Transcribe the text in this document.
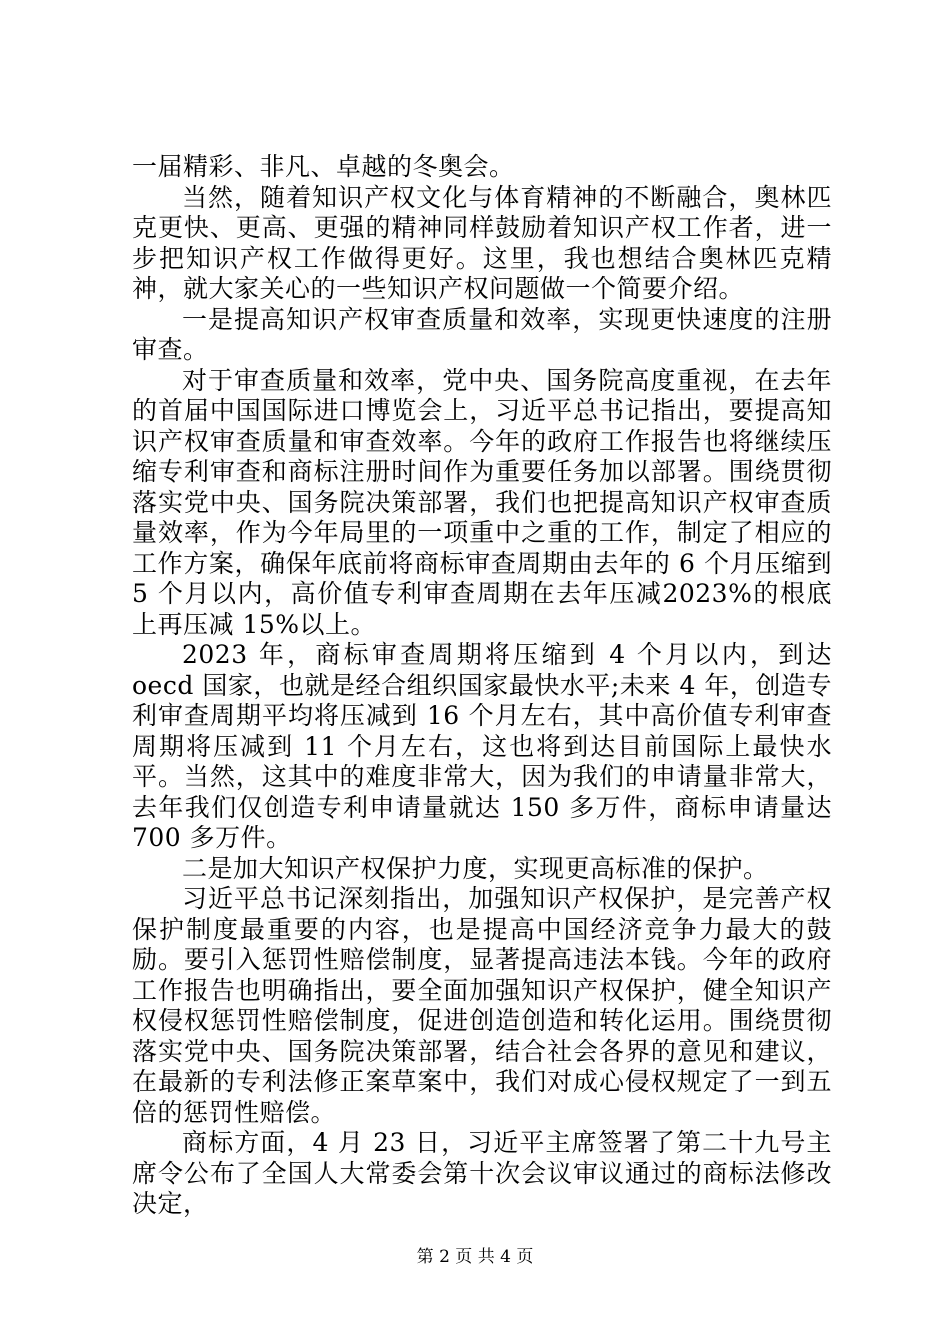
一届精彩、非凡、卓越的冬奥会。

当然，随着知识产权文化与体育精神的不断融合，奥林匹克更快、更高、更强的精神同样鼓励着知识产权工作者，进一步把知识产权工作做得更好。这里，我也想结合奥林匹克精神，就大家关心的一些知识产权问题做一个简要介绍。

一是提高知识产权审查质量和效率，实现更快速度的注册审查。

对于审查质量和效率，党中央、国务院高度重视，在去年的首届中国国际进口博览会上，习近平总书记指出，要提高知识产权审查质量和审查效率。今年的政府工作报告也将继续压缩专利审查和商标注册时间作为重要任务加以部署。围绕贯彻落实党中央、国务院决策部署，我们也把提高知识产权审查质量效率，作为今年局里的一项重中之重的工作，制定了相应的工作方案，确保年底前将商标审查周期由去年的 6 个月压缩到 5 个月以内，高价值专利审查周期在去年压减2023%的根底上再压减 15%以上。

2023 年，商标审查周期将压缩到 4 个月以内，到达 oecd 国家，也就是经合组织国家最快水平;未来 4 年，创造专利审查周期平均将压减到 16 个月左右，其中高价值专利审查周期将压减到 11 个月左右，这也将到达目前国际上最快水平。当然，这其中的难度非常大，因为我们的申请量非常大，去年我们仅创造专利申请量就达 150 多万件，商标申请量达 700 多万件。

二是加大知识产权保护力度，实现更高标准的保护。

习近平总书记深刻指出，加强知识产权保护，是完善产权保护制度最重要的内容，也是提高中国经济竞争力最大的鼓励。要引入惩罚性赔偿制度，显著提高违法本钱。今年的政府工作报告也明确指出，要全面加强知识产权保护，健全知识产权侵权惩罚性赔偿制度，促进创造创造和转化运用。围绕贯彻落实党中央、国务院决策部署，结合社会各界的意见和建议，在最新的专利法修正案草案中，我们对成心侵权规定了一到五倍的惩罚性赔偿。

商标方面，4 月 23 日，习近平主席签署了第二十九号主席令公布了全国人大常委会第十次会议审议通过的商标法修改决定，

第 2 页 共 4 页
